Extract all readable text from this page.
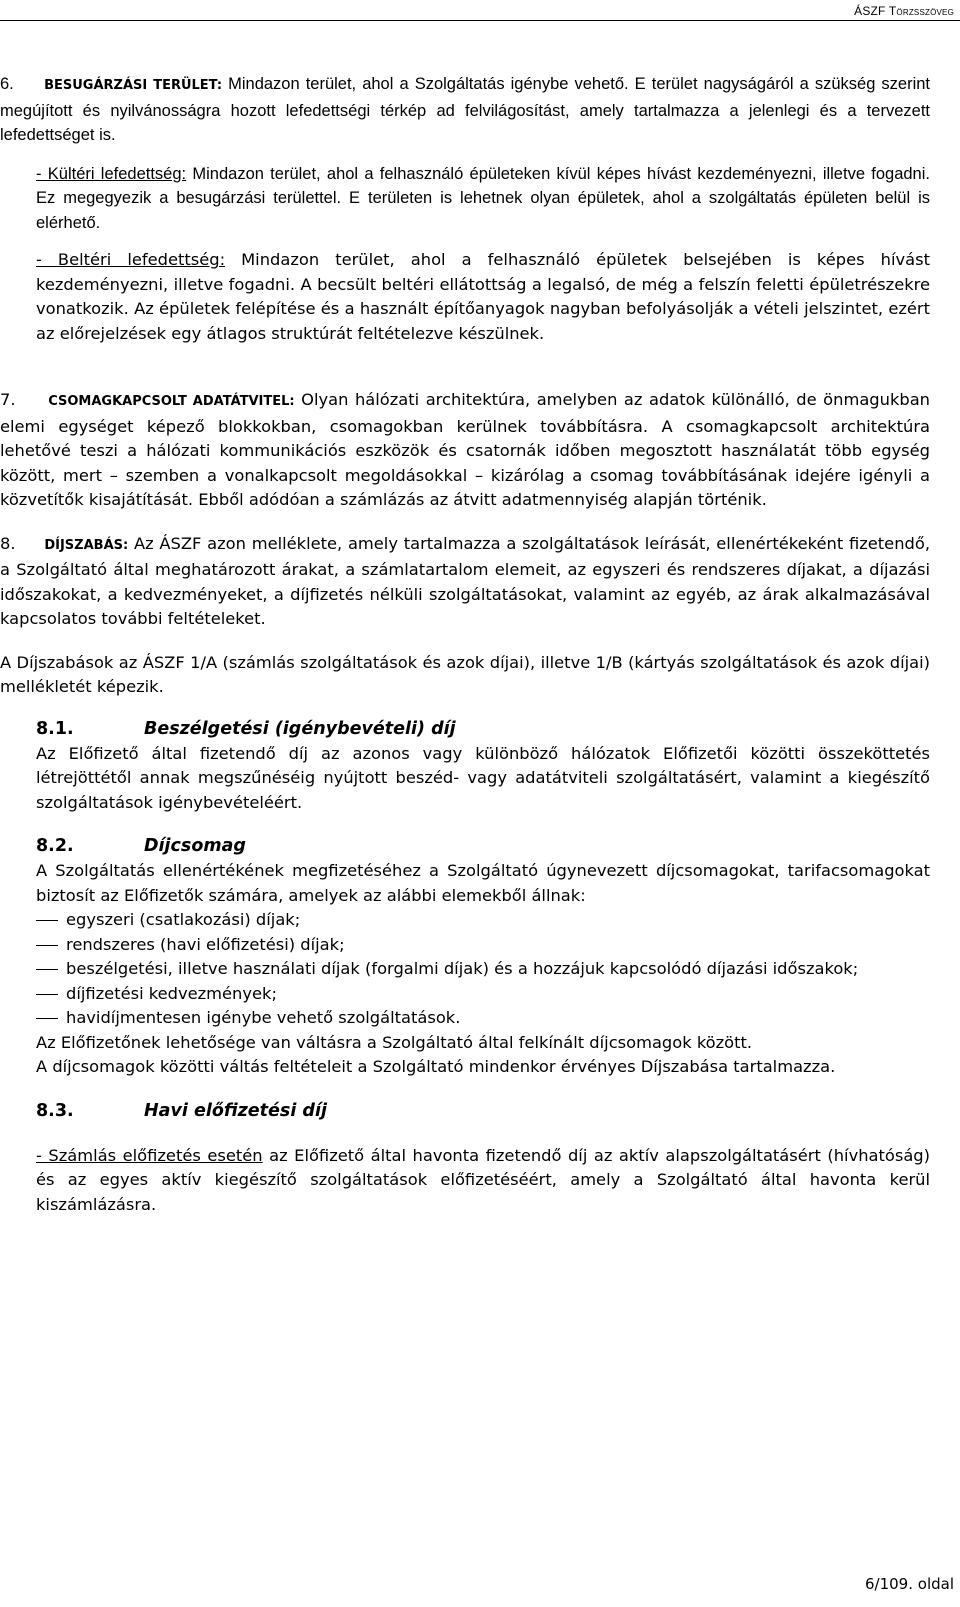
ÁSZF Törzsszöveg

6. BESUGÁRZÁSI TERÜLET: Mindazon terület, ahol a Szolgáltatás igénybe vehető. E terület nagyságáról a szükség szerint megújított és nyilvánosságra hozott lefedettségi térkép ad felvilágosítást, amely tartalmazza a jelenlegi és a tervezett lefedettséget is.

- Kültéri lefedettség: Mindazon terület, ahol a felhasználó épületeken kívül képes hívást kezdeményezni, illetve fogadni. Ez megegyezik a besugárzási területtel. E területen is lehetnek olyan épületek, ahol a szolgáltatás épületen belül is elérhető.

- Beltéri lefedettség: Mindazon terület, ahol a felhasználó épületek belsejében is képes hívást kezdeményezni, illetve fogadni. A becsült beltéri ellátottság a legalsó, de még a felszín feletti épületrészekre vonatkozik. Az épületek felépítése és a használt építőanyagok nagyban befolyásolják a vételi jelszintet, ezért az előrejelzések egy átlagos struktúrát feltételezve készülnek.

7.	CSOMAGKAPCSOLT ADATÁTVITEL: Olyan hálózati architektúra, amelyben az adatok különálló, de önmagukban elemi egységet képező blokkokban, csomagokban kerülnek továbbításra. A csomagkapcsolt architektúra lehetővé teszi a hálózati kommunikációs eszközök és csatornák időben megosztott használatát több egység között, mert – szemben a vonalkapcsolt megoldásokkal – kizárólag a csomag továbbításának idejére igényli a közvetítők kisajátítását. Ebből adódóan a számlázás az átvitt adatmennyiség alapján történik.

8. DÍJSZABÁS: Az ÁSZF azon melléklete, amely tartalmazza a szolgáltatások leírását, ellenértékeként fizetendő, a Szolgáltató által meghatározott árakat, a számlatartalom elemeit, az egyszeri és rendszeres díjakat, a díjazási időszakokat, a kedvezményeket, a díjfizetés nélküli szolgáltatásokat, valamint az egyéb, az árak alkalmazásával kapcsolatos további feltételeket.

A Díjszabások az ÁSZF 1/A (számlás szolgáltatások és azok díjai), illetve 1/B (kártyás szolgáltatások és azok díjai) mellékletét képezik.

8.1.	Beszélgetési (igénybevételi) díj

Az Előfizető által fizetendő díj az azonos vagy különböző hálózatok Előfizetői közötti összeköttetés létrejöttétől annak megszűnéséig nyújtott beszéd- vagy adatátviteli szolgáltatásért, valamint a kiegészítő szolgáltatások igénybevételéért.

8.2.	Díjcsomag

A Szolgáltatás ellenértékének megfizetéséhez a Szolgáltató úgynevezett díjcsomagokat, tarifacsomagokat biztosít az Előfizetők számára, amelyek az alábbi elemekből állnak:

egyszeri (csatlakozási) díjak;
rendszeres (havi előfizetési) díjak;
beszélgetési, illetve használati díjak (forgalmi díjak) és a hozzájuk kapcsolódó díjazási időszakok;
díjfizetési kedvezmények;
havidíjmentesen igénybe vehető szolgáltatások.

Az Előfizetőnek lehetősége van váltásra a Szolgáltató által felkínált díjcsomagok között.

A díjcsomagok közötti váltás feltételeit a Szolgáltató mindenkor érvényes Díjszabása tartalmazza.

8.3.	Havi előfizetési díj

- Számlás előfizetés esetén az Előfizető által havonta fizetendő díj az aktív alapszolgáltatásért (hívhatóság) és az egyes aktív kiegészítő szolgáltatások előfizetéséért, amely a Szolgáltató által havonta kerül kiszámlázásra.

6/109. oldal
